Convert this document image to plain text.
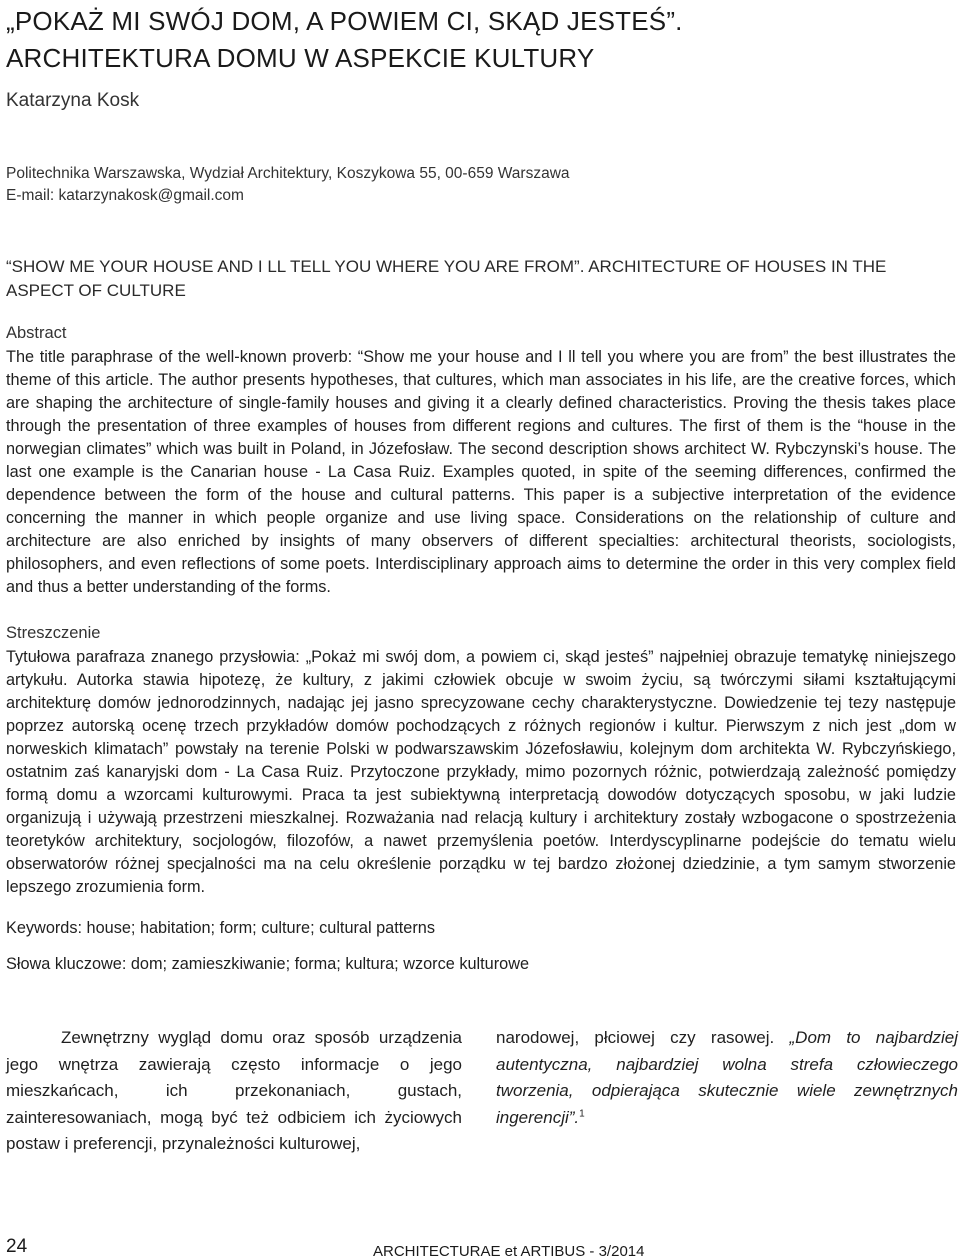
„POKAŻ MI SWÓJ DOM, A POWIEM CI, SKĄD JESTEŚ”.
ARCHITEKTURA DOMU W ASPEKCIE KULTURY
Katarzyna Kosk
Politechnika Warszawska, Wydział Architektury, Koszykowa 55, 00-659 Warszawa
E-mail: katarzynakosk@gmail.com
“SHOW ME YOUR HOUSE AND I LL TELL YOU WHERE YOU ARE FROM”. ARCHITECTURE OF HOUSES IN THE ASPECT OF CULTURE
Abstract
The title paraphrase of the well-known proverb: “Show me your house and I ll tell you where you are from” the best illustrates the theme of this article. The author presents hypotheses, that cultures, which man associates in his life, are the creative forces, which are shaping the architecture of single-family houses and giving it a clearly defined characteristics. Proving the thesis takes place through the presentation of three examples of houses from different regions and cultures. The first of them is the “house in the norwegian climates” which was built in Poland, in Józefosław. The second description shows architect W. Rybczynski’s house. The last one example is the Canarian house - La Casa Ruiz. Examples quoted, in spite of the seeming differences, confirmed the dependence between the form of the house and cultural patterns. This paper is a subjective interpretation of the evidence concerning the manner in which people organize and use living space. Considerations on the relationship of culture and architecture are also enriched by insights of many observers of different specialties: architectural theorists, sociologists, philosophers, and even reflections of some poets. Interdisciplinary approach aims to determine the order in this very complex field and thus a better understanding of the forms.
Streszczenie
Tytułowa parafraza znanego przysłowia: „Pokaż mi swój dom, a powiem ci, skąd jesteś” najpełniej obrazuje tematykę niniejszego artykułu. Autorka stawia hipotezę, że kultury, z jakimi człowiek obcuje w swoim życiu, są twórczymi siłami kształtującymi architekturę domów jednorodzinnych, nadając jej jasno sprecyzowane cechy charakterystyczne. Dowiedzenie tej tezy następuje poprzez autorską ocenę trzech przykładów domów pochodzących z różnych regionów i kultur. Pierwszym z nich jest „dom w norweskich klimatach” powstały na terenie Polski w podwarszawskim Józefosławiu, kolejnym dom architekta W. Rybczyńskiego, ostatnim zaś kanaryjski dom - La Casa Ruiz. Przytoczone przykłady, mimo pozornych różnic, potwierdzają zależność pomiędzy formą domu a wzorcami kulturowymi. Praca ta jest subiektywną interpretacją dowodów dotyczących sposobu, w jaki ludzie organizują i używają przestrzeni mieszkalnej. Rozważania nad relacją kultury i architektury zostały wzbogacone o spostrzeżenia teoretyków architektury, socjologów, filozofów, a nawet przemyślenia poetów. Interdyscyplinarne podejście do tematu wielu obserwatorów różnej specjalności ma na celu określenie porządku w tej bardzo złożonej dziedzinie, a tym samym stworzenie lepszego zrozumienia form.
Keywords: house; habitation; form; culture; cultural patterns
Słowa kluczowe: dom; zamieszkiwanie; forma; kultura; wzorce kulturowe
Zewnętrzny wygląd domu oraz sposób urządzenia jego wnętrza zawierają często informacje o jego mieszkańcach, ich przekonaniach, gustach, zainteresowaniach, mogą być też odbiciem ich życiowych postaw i preferencji, przynależności kulturowej,
narodowej, płciowej czy rasowej. „Dom to najbardziej autentyczna, najbardziej wolna strefa człowieczego tworzenia, odpierająca skutecznie wiele zewnętrznych ingerencji”.$^1$
24	ARCHITECTURAE et ARTIBUS - 3/2014
